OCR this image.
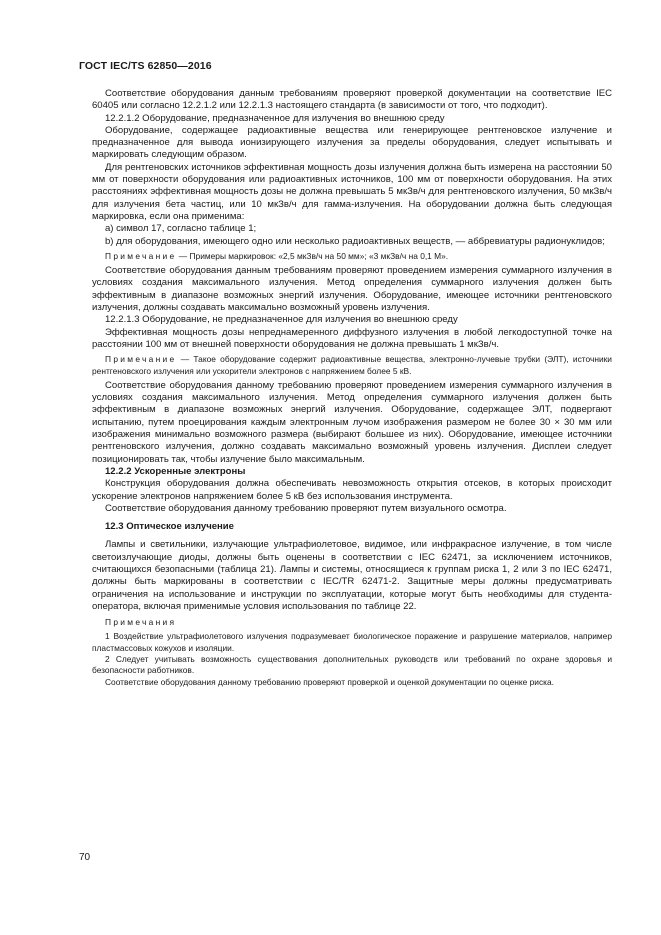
ГОСТ IEC/TS 62850—2016

Соответствие оборудования данным требованиям проверяют проверкой документации на соответствие IEC 60405 или согласно 12.2.1.2 или 12.2.1.3 настоящего стандарта (в зависимости от того, что подходит).

12.2.1.2 Оборудование, предназначенное для излучения во внешнюю среду

Оборудование, содержащее радиоактивные вещества или генерирующее рентгеновское излучение и предназначенное для вывода ионизирующего излучения за пределы оборудования, следует испытывать и маркировать следующим образом.

Для рентгеновских источников эффективная мощность дозы излучения должна быть измерена на расстоянии 50 мм от поверхности оборудования или радиоактивных источников, 100 мм от поверхности оборудования. На этих расстояниях эффективная мощность дозы не должна превышать 5 мкЗв/ч для рентгеновского излучения, 50 мкЗв/ч для излучения бета частиц, или 10 мкЗв/ч для гамма-излучения. На оборудовании должна быть следующая маркировка, если она применима:

a) символ 17, согласно таблице 1;

b) для оборудования, имеющего одно или несколько радиоактивных веществ, — аббревиатуры радионуклидов;

Примечание — Примеры маркировок: «2,5 мкЗв/ч на 50 мм»; «3 мкЗв/ч на 0,1 М».

Соответствие оборудования данным требованиям проверяют проведением измерения суммарного излучения в условиях создания максимального излучения. Метод определения суммарного излучения должен быть эффективным в диапазоне возможных энергий излучения. Оборудование, имеющее источники рентгеновского излучения, должны создавать максимально возможный уровень излучения.

12.2.1.3 Оборудование, не предназначенное для излучения во внешнюю среду

Эффективная мощность дозы непреднамеренного диффузного излучения в любой легкодоступной точке на расстоянии 100 мм от внешней поверхности оборудования не должна превышать 1 мкЗв/ч.

Примечание — Такое оборудование содержит радиоактивные вещества, электронно-лучевые трубки (ЭЛТ), источники рентгеновского излучения или ускорители электронов с напряжением более 5 кВ.

Соответствие оборудования данному требованию проверяют проведением измерения суммарного излучения в условиях создания максимального излучения. Метод определения суммарного излучения должен быть эффективным в диапазоне возможных энергий излучения. Оборудование, содержащее ЭЛТ, подвергают испытанию, путем проецирования каждым электронным лучом изображения размером не более 30 × 30 мм или изображения минимально возможного размера (выбирают большее из них). Оборудование, имеющее источники рентгеновского излучения, должно создавать максимально возможный уровень излучения. Дисплеи следует позиционировать так, чтобы излучение было максимальным.

12.2.2 Ускоренные электроны

Конструкция оборудования должна обеспечивать невозможность открытия отсеков, в которых происходит ускорение электронов напряжением более 5 кВ без использования инструмента.

Соответствие оборудования данному требованию проверяют путем визуального осмотра.

12.3 Оптическое излучение

Лампы и светильники, излучающие ультрафиолетовое, видимое, или инфракрасное излучение, в том числе светоизлучающие диоды, должны быть оценены в соответствии с IEC 62471, за исключением источников, считающихся безопасными (таблица 21). Лампы и системы, относящиеся к группам риска 1, 2 или 3 по IEC 62471, должны быть маркированы в соответствии с IEC/TR 62471-2. Защитные меры должны предусматривать ограничения на использование и инструкции по эксплуатации, которые могут быть необходимы для студента-оператора, включая применимые условия использования по таблице 22.

Примечания

1 Воздействие ультрафиолетового излучения подразумевает биологическое поражение и разрушение материалов, например пластмассовых кожухов и изоляции.

2 Следует учитывать возможность существования дополнительных руководств или требований по охране здоровья и безопасности работников.

Соответствие оборудования данному требованию проверяют проверкой и оценкой документации по оценке риска.

70
